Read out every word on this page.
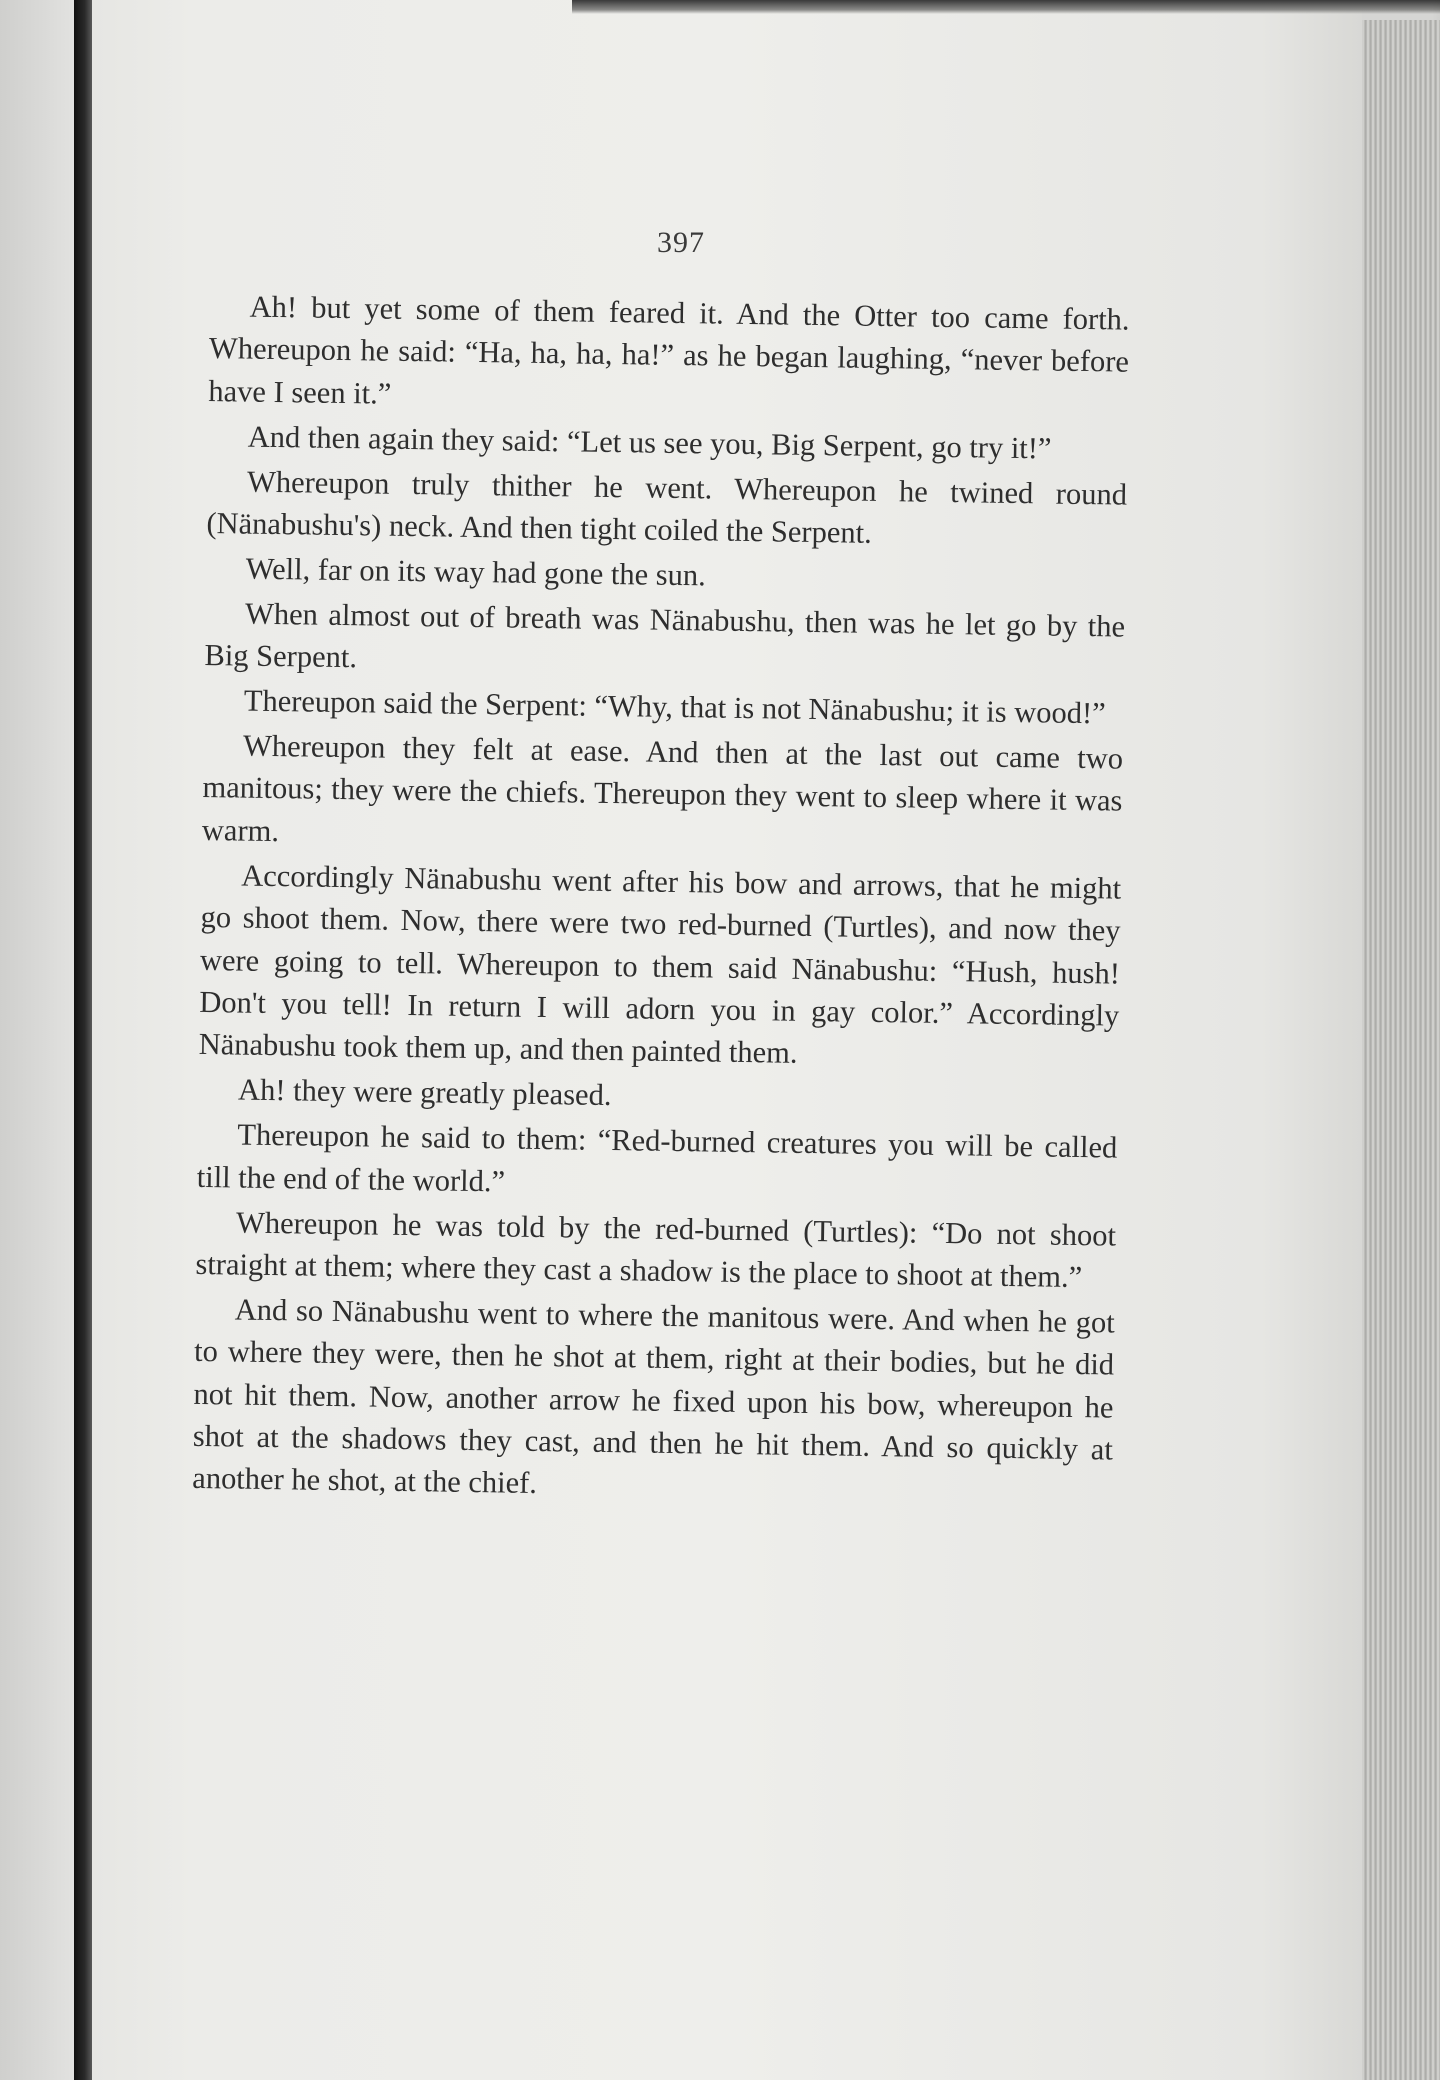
397

Ah! but yet some of them feared it. And the Otter too came forth. Whereupon he said: “Ha, ha, ha, ha!” as he began laughing, “never before have I seen it.”

And then again they said: “Let us see you, Big Serpent, go try it!”

Whereupon truly thither he went. Whereupon he twined round (Nänabushu's) neck. And then tight coiled the Serpent.

Well, far on its way had gone the sun.

When almost out of breath was Nänabushu, then was he let go by the Big Serpent.

Thereupon said the Serpent: “Why, that is not Nänabushu; it is wood!”

Whereupon they felt at ease. And then at the last out came two manitous; they were the chiefs. Thereupon they went to sleep where it was warm.

Accordingly Nänabushu went after his bow and arrows, that he might go shoot them. Now, there were two red-burned (Turtles), and now they were going to tell. Whereupon to them said Nänabushu: “Hush, hush! Don't you tell! In return I will adorn you in gay color.” Accordingly Nänabushu took them up, and then painted them.

Ah! they were greatly pleased.

Thereupon he said to them: “Red-burned creatures you will be called till the end of the world.”

Whereupon he was told by the red-burned (Turtles): “Do not shoot straight at them; where they cast a shadow is the place to shoot at them.”

And so Nänabushu went to where the manitous were. And when he got to where they were, then he shot at them, right at their bodies, but he did not hit them. Now, another arrow he fixed upon his bow, whereupon he shot at the shadows they cast, and then he hit them. And so quickly at another he shot, at the chief.
